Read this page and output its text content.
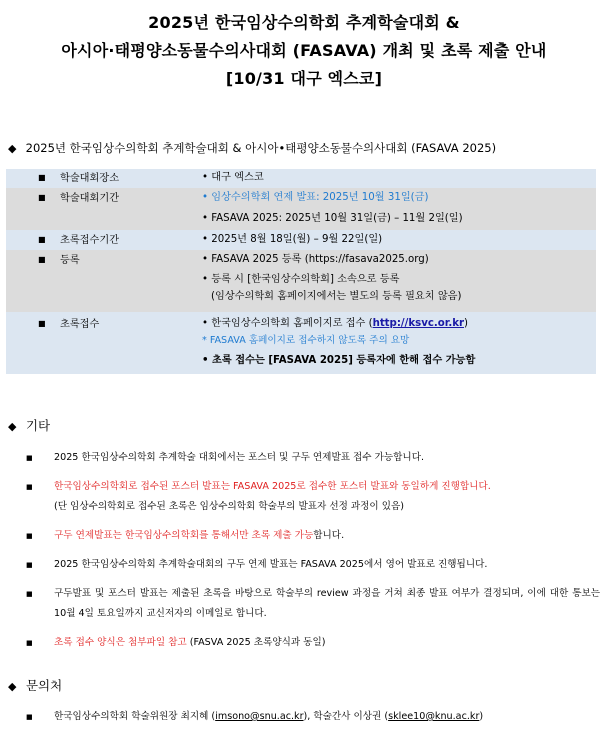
2025년 한국임상수의학회 추계학술대회 &
아시아·태평양소동물수의사대회 (FASAVA) 개최 및 초록 제출 안내
[10/31 대구 엑스코]
◆ 2025년 한국임상수의학회 추계학술대회 & 아시아•태평양소동물수의사대회 (FASAVA 2025)
■ 학술대회장소	• 대구 엑스코
■ 학술대회기간	• 임상수의학회 연제 발표: 2025년 10월 31일(금)
• FASAVA 2025: 2025년 10월 31일(금) – 11월 2일(일)
■ 초록접수기간	• 2025년 8월 18일(월) – 9월 22일(일)
■ 등록	• FASAVA 2025 등록 (https://fasava2025.org)
• 등록 시 [한국임상수의학회] 소속으로 등록
(임상수의학회 홈페이지에서는 별도의 등록 필요치 않음)
■ 초록접수	• 한국임상수의학회 홈페이지로 접수 (http://ksvc.or.kr)
* FASAVA 홈페이지로 접수하지 않도록 주의 요망
• 초록 접수는 [FASAVA 2025] 등록자에 한해 접수 가능함
◆ 기타
■ 2025 한국임상수의학회 추계학술 대회에서는 포스터 및 구두 연제발표 접수 가능합니다.
■ 한국임상수의학회로 접수된 포스터 발표는 FASAVA 2025로 접수한 포스터 발표와 동일하게 진행합니다.
(단 임상수의학회로 접수된 초록은 임상수의학회 학술부의 발표자 선정 과정이 있음)
■ 구두 연제발표는 한국임상수의학회를 통해서만 초록 제출 가능합니다.
■ 2025 한국임상수의학회 추계학술대회의 구두 연제 발표는 FASAVA 2025에서 영어 발표로 진행됩니다.
■ 구두발표 및 포스터 발표는 제출된 초록을 바탕으로 학술부의 review 과정을 거쳐 최종 발표 여부가 결정되며, 이에 대한 통보는 10월 4일 토요일까지 교신저자의 이메일로 합니다.
■ 초록 접수 양식은 첨부파일 참고 (FASVA 2025 초록양식과 동일)
◆ 문의처
■ 한국임상수의학회 학술위원장 최지혜 (imsono@snu.ac.kr), 학술간사 이상권 (sklee10@knu.ac.kr)
